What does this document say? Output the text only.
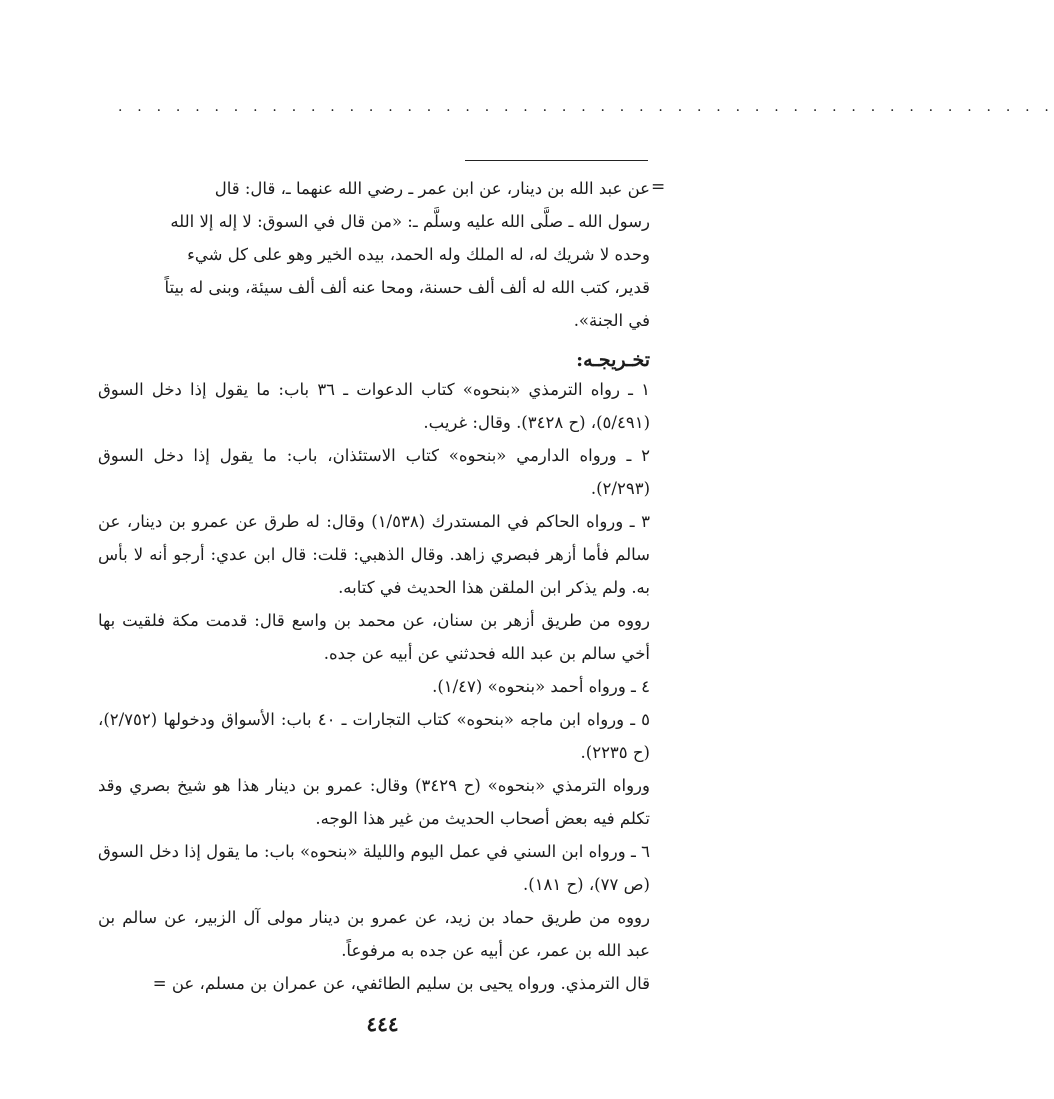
· · · · · · · · · · · · · · · · · · · · · · · · · · · · · · · · · · · · · · · · · · · · · · · · ·
=

عن عبد الله بن دينار، عن ابن عمر ـ رضي الله عنهما ـ، قال: قال

رسول الله ـ صلَّى الله عليه وسلَّم ـ: «من قال في السوق: لا إله إلا الله

وحده لا شريك له، له الملك وله الحمد، بيده الخير وهو على كل شيء

قدير، كتب الله له ألف ألف حسنة، ومحا عنه ألف ألف سيئة، وبنى له بيتاً

في الجنة».

تخـريجـه:

١ ـ رواه الترمذي «بنحوه» كتاب الدعوات ـ ٣٦ باب: ما يقول إذا دخل السوق (٥/٤٩١)، (ح ٣٤٢٨). وقال: غريب.

٢ ـ ورواه الدارمي «بنحوه» كتاب الاستئذان، باب: ما يقول إذا دخل السوق (٢/٢٩٣).

٣ ـ ورواه الحاكم في المستدرك (١/٥٣٨) وقال: له طرق عن عمرو بن دينار، عن سالم فأما أزهر فبصري زاهد. وقال الذهبي: قلت: قال ابن عدي: أرجو أنه لا بأس به. ولم يذكر ابن الملقن هذا الحديث في كتابه.

رووه من طريق أزهر بن سنان، عن محمد بن واسع قال: قدمت مكة فلقيت بها أخي سالم بن عبد الله فحدثني عن أبيه عن جده.

٤ ـ ورواه أحمد «بنحوه» (١/٤٧).

٥ ـ ورواه ابن ماجه «بنحوه» كتاب التجارات ـ ٤٠ باب: الأسواق ودخولها (٢/٧٥٢)، (ح ٢٢٣٥).

ورواه الترمذي «بنحوه» (ح ٣٤٢٩) وقال: عمرو بن دينار هذا هو شيخ بصري وقد تكلم فيه بعض أصحاب الحديث من غير هذا الوجه.

٦ ـ ورواه ابن السني في عمل اليوم والليلة «بنحوه» باب: ما يقول إذا دخل السوق (ص ٧٧)، (ح ١٨١).

رووه من طريق حماد بن زيد، عن عمرو بن دينار مولى آل الزبير، عن سالم بن عبد الله بن عمر، عن أبيه عن جده به مرفوعاً.

قال الترمذي. ورواه يحيى بن سليم الطائفي، عن عمران بن مسلم، عن =

٤٤٤
